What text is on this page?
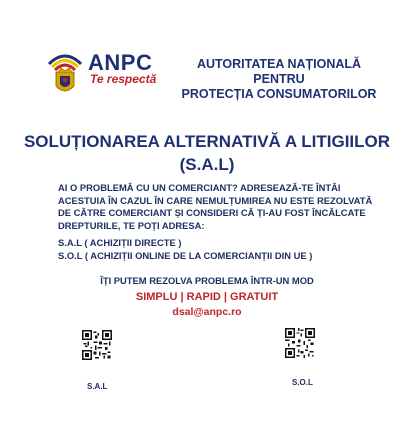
ANPC
Te respectă
AUTORITATEA NAȚIONALĂ PENTRU
PROTECȚIA CONSUMATORILOR
SOLUȚIONAREA ALTERNATIVĂ A LITIGIILOR
(S.A.L)
AI O PROBLEMĂ CU UN COMERCIANT? ADRESEAZĂ-TE ÎNTÂI ACESTUIA ÎN CAZUL ÎN CARE NEMULȚUMIREA NU ESTE REZOLVATĂ DE CĂTRE COMERCIANT ȘI CONSIDERI CĂ ȚI-AU FOST ÎNCĂLCATE DREPTURILE, TE POȚI ADRESA:
S.A.L ( ACHIZIȚII DIRECTE )
S.O.L ( ACHIZIȚII ONLINE DE LA COMERCIANȚII DIN UE )
ÎȚI PUTEM REZOLVA PROBLEMA ÎNTR-UN MOD
SIMPLU | RAPID | GRATUIT
dsal@anpc.ro
S.A.L	S.O.L
